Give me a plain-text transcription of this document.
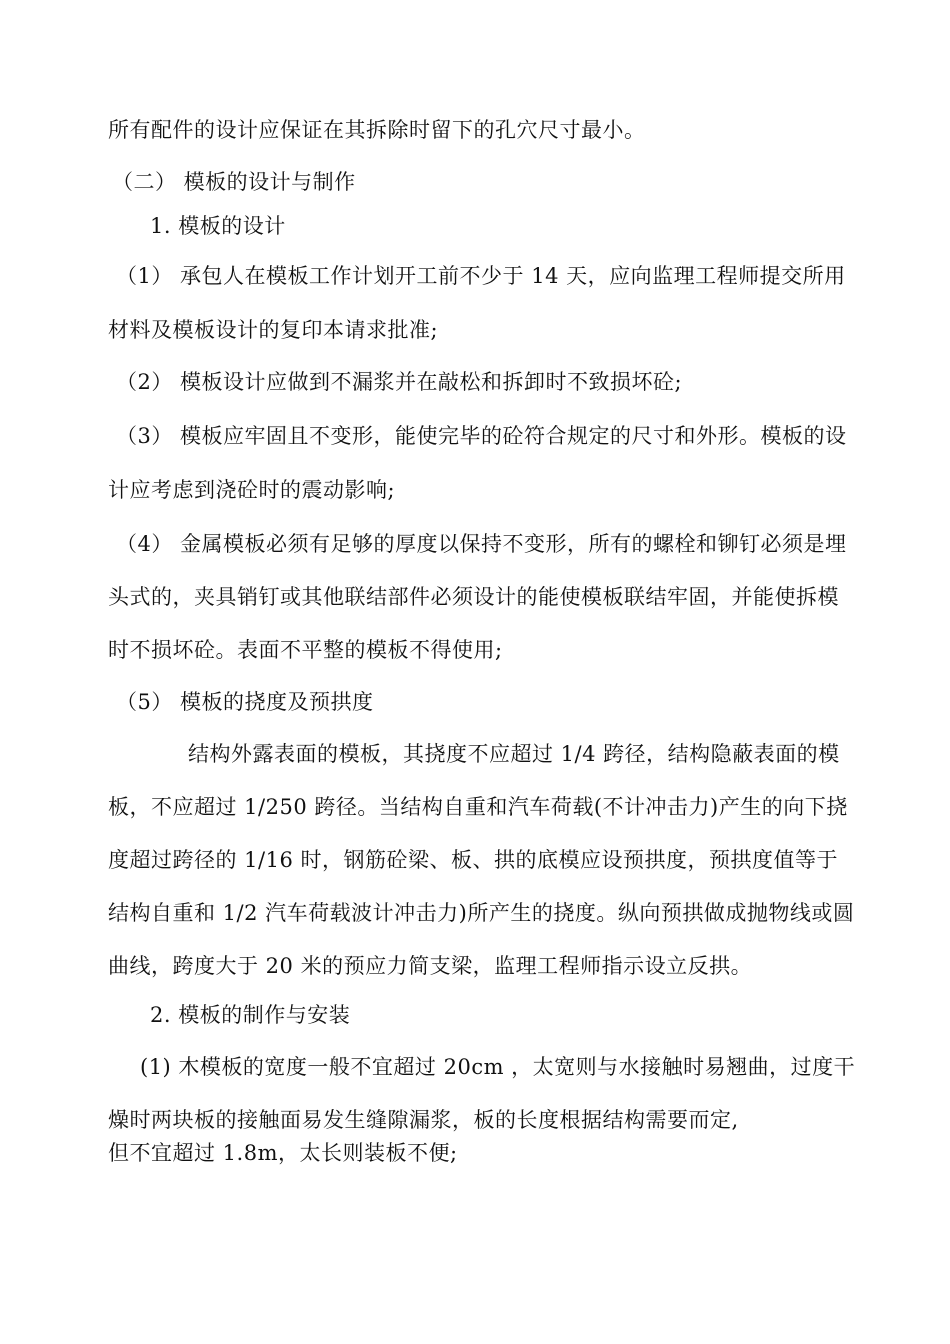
所有配件的设计应保证在其拆除时留下的孔穴尺寸最小。
（二） 模板的设计与制作
1. 模板的设计
（1） 承包人在模板工作计划开工前不少于 14 天，应向监理工程师提交所用
材料及模板设计的复印本请求批准;
（2） 模板设计应做到不漏浆并在敲松和拆卸时不致损坏砼;
（3） 模板应牢固且不变形，能使完毕的砼符合规定的尺寸和外形。模板的设
计应考虑到浇砼时的震动影响;
（4） 金属模板必须有足够的厚度以保持不变形，所有的螺栓和铆钉必须是埋
头式的，夹具销钉或其他联结部件必须设计的能使模板联结牢固，并能使拆模
时不损坏砼。表面不平整的模板不得使用;
（5） 模板的挠度及预拱度
结构外露表面的模板，其挠度不应超过 1/4 跨径，结构隐蔽表面的模
板，不应超过 1/250 跨径。当结构自重和汽车荷载(不计冲击力)产生的向下挠
度超过跨径的 1/16 时，钢筋砼梁、板、拱的底模应设预拱度，预拱度值等于
结构自重和 1/2 汽车荷载波计冲击力)所产生的挠度。纵向预拱做成抛物线或圆
曲线，跨度大于 20 米的预应力简支梁，监理工程师指示设立反拱。
2. 模板的制作与安装
(1) 木模板的宽度一般不宜超过 20cm ，太宽则与水接触时易翘曲，过度干
燥时两块板的接触面易发生缝隙漏浆，板的长度根据结构需要而定,
但不宜超过 1.8m，太长则装板不便;
